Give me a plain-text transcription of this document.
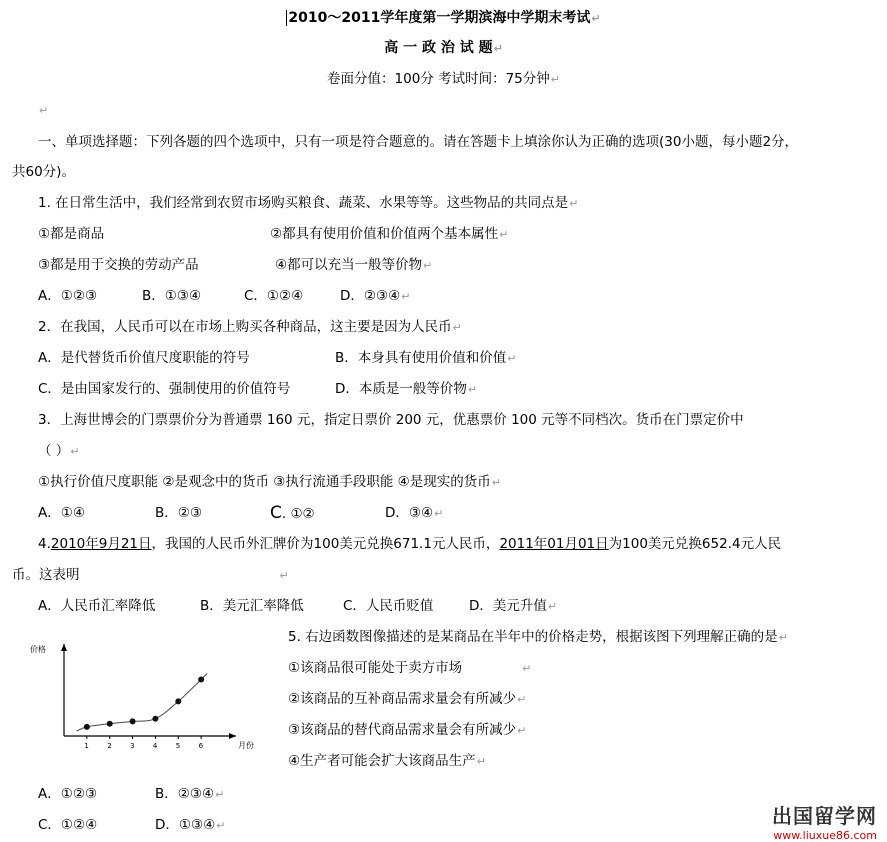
2010～2011学年度第一学期滨海中学期末考试↵
高 一 政 治 试 题↵
卷面分值：100分 考试时间：75分钟↵
↵
一、单项选择题：下列各题的四个选项中，只有一项是符合题意的。请在答题卡上填涂你认为正确的选项(30小题，每小题2分，
共60分)。
1. 在日常生活中，我们经常到农贸市场购买粮食、蔬菜、水果等等。这些物品的共同点是↵
①都是商品	②都具有使用价值和价值两个基本属性↵
③都是用于交换的劳动产品	④都可以充当一般等价物↵
A．①②③	B．①③④	C．①②④	D．②③④↵
2．在我国，人民币可以在市场上购买各种商品，这主要是因为人民币↵
A．是代替货币价值尺度职能的符号	B．本身具有使用价值和价值↵
C．是由国家发行的、强制使用的价值符号	D．本质是一般等价物↵
3．上海世博会的门票票价分为普通票 160 元，指定日票价 200 元，优惠票价 100 元等不同档次。货币在门票定价中
（ ）↵
①执行价值尺度职能 ②是观念中的货币 ③执行流通手段职能 ④是现实的货币↵
A．①④	B．②③	C. ①②	D．③④↵
4.2010年9月21日，我国的人民币外汇牌价为100美元兑换671.1元人民币，2011年01月01日为100美元兑换652.4元人民
币。这表明	↵
A．人民币汇率降低	B．美元汇率降低	C．人民币贬值	D．美元升值↵
5. 右边函数图像描述的是某商品在半年中的价格走势，根据该图下列理解正确的是↵
①该商品很可能处于卖方市场	↵
②该商品的互补商品需求量会有所减少↵
③该商品的替代商品需求量会有所减少↵
④生产者可能会扩大该商品生产↵
价格
月份
1	2	3	4	5	6
A．①②③	B．②③④↵
C．①②④	D．①③④↵	出国留学网
www.liuxue86.com
